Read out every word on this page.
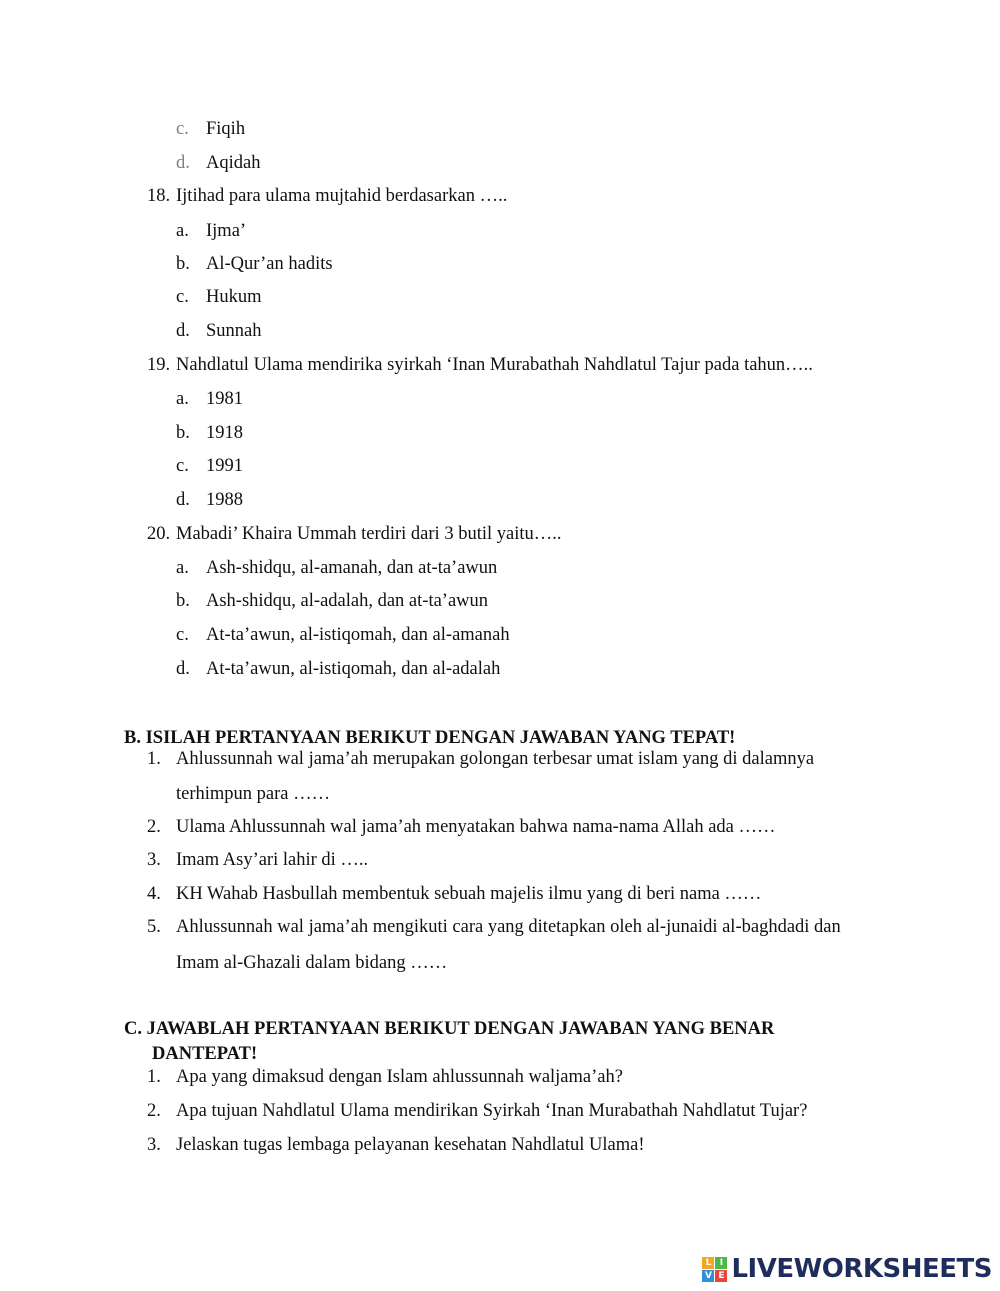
c. Fiqih
d. Aqidah
18. Ijtihad para ulama mujtahid berdasarkan …..
a. Ijma’
b. Al-Qur’an hadits
c. Hukum
d. Sunnah
19. Nahdlatul Ulama mendirika syirkah ‘Inan Murabathah Nahdlatul Tajur pada tahun…..
a. 1981
b. 1918
c. 1991
d. 1988
20. Mabadi’ Khaira Ummah terdiri dari 3 butil yaitu…..
a. Ash-shidqu, al-amanah, dan at-ta’awun
b. Ash-shidqu, al-adalah, dan at-ta’awun
c. At-ta’awun, al-istiqomah, dan al-amanah
d. At-ta’awun, al-istiqomah, dan al-adalah
B. ISILAH PERTANYAAN BERIKUT DENGAN JAWABAN YANG TEPAT!
1. Ahlussunnah wal jama’ah merupakan golongan terbesar umat islam yang di dalamnya
terhimpun para ……
2. Ulama Ahlussunnah wal jama’ah menyatakan bahwa nama-nama Allah ada ……
3. Imam Asy’ari lahir di …..
4. KH Wahab Hasbullah membentuk sebuah majelis ilmu yang di beri nama ……
5. Ahlussunnah wal jama’ah mengikuti cara yang ditetapkan oleh al-junaidi al-baghdadi dan
Imam al-Ghazali dalam bidang ……
C. JAWABLAH PERTANYAAN BERIKUT DENGAN JAWABAN YANG BENAR
DANTEPAT!
1. Apa yang dimaksud dengan Islam ahlussunnah waljama’ah?
2. Apa tujuan Nahdlatul Ulama mendirikan Syirkah ‘Inan Murabathah Nahdlatut Tujar?
3. Jelaskan tugas lembaga pelayanan kesehatan Nahdlatul Ulama!
L I
V E LIVEWORKSHEETS
